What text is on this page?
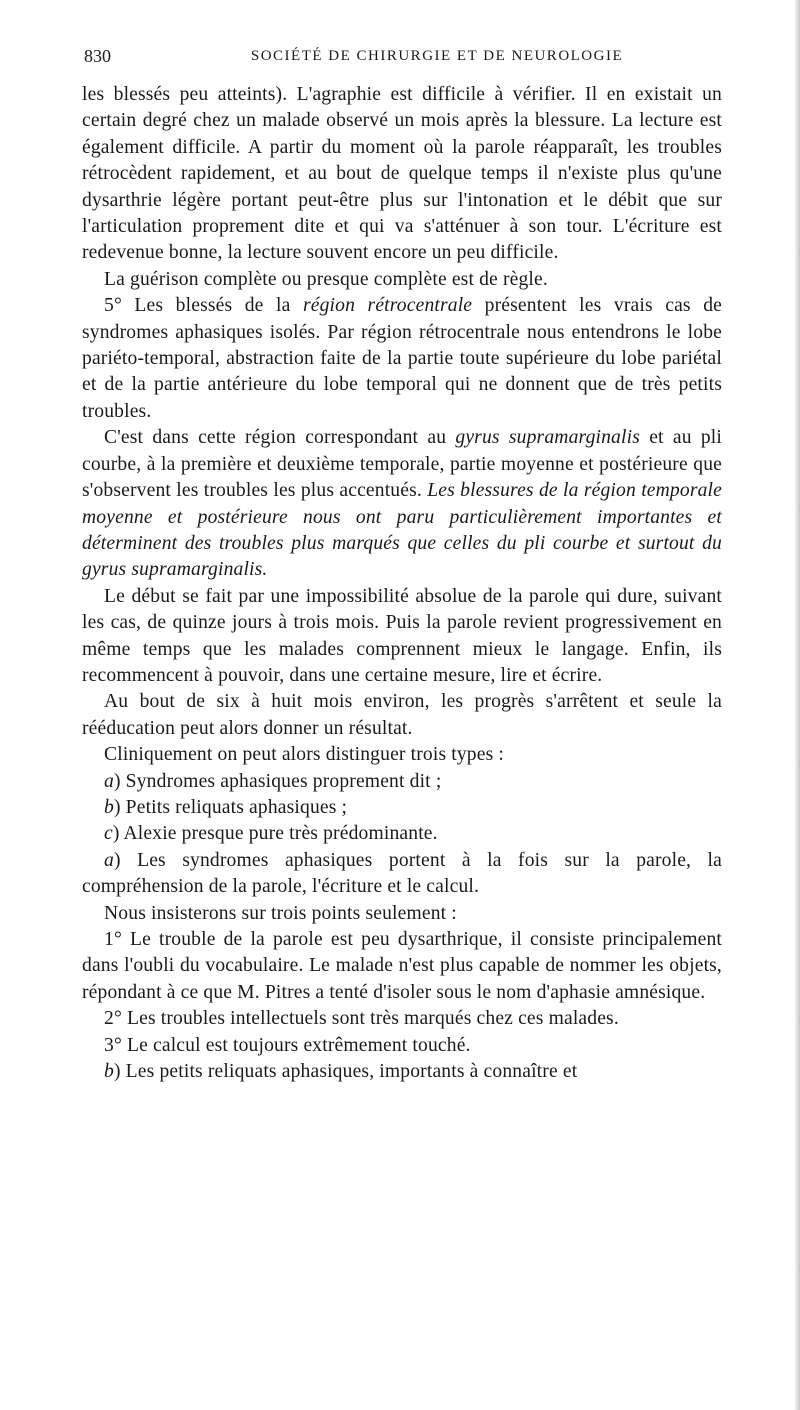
830	SOCIÉTÉ DE CHIRURGIE ET DE NEUROLOGIE

les blessés peu atteints). L'agraphie est difficile à vérifier. Il en existait un certain degré chez un malade observé un mois après la blessure. La lecture est également difficile. A partir du moment où la parole réapparaît, les troubles rétrocèdent rapidement, et au bout de quelque temps il n'existe plus qu'une dysarthrie légère portant peut-être plus sur l'intonation et le débit que sur l'articulation proprement dite et qui va s'atténuer à son tour. L'écriture est redevenue bonne, la lecture souvent encore un peu difficile.

La guérison complète ou presque complète est de règle.

5° Les blessés de la région rétrocentrale présentent les vrais cas de syndromes aphasiques isolés. Par région rétrocentrale nous entendrons le lobe pariéto-temporal, abstraction faite de la partie toute supérieure du lobe pariétal et de la partie antérieure du lobe temporal qui ne donnent que de très petits troubles.

C'est dans cette région correspondant au gyrus supramarginalis et au pli courbe, à la première et deuxième temporale, partie moyenne et postérieure que s'observent les troubles les plus accentués. Les blessures de la région temporale moyenne et postérieure nous ont paru particulièrement importantes et déterminent des troubles plus marqués que celles du pli courbe et surtout du gyrus supramarginalis.

Le début se fait par une impossibilité absolue de la parole qui dure, suivant les cas, de quinze jours à trois mois. Puis la parole revient progressivement en même temps que les malades comprennent mieux le langage. Enfin, ils recommencent à pouvoir, dans une certaine mesure, lire et écrire.

Au bout de six à huit mois environ, les progrès s'arrêtent et seule la rééducation peut alors donner un résultat.

Cliniquement on peut alors distinguer trois types :

a) Syndromes aphasiques proprement dit ;

b) Petits reliquats aphasiques ;

c) Alexie presque pure très prédominante.

a) Les syndromes aphasiques portent à la fois sur la parole, la compréhension de la parole, l'écriture et le calcul.

Nous insisterons sur trois points seulement :

1° Le trouble de la parole est peu dysarthrique, il consiste principalement dans l'oubli du vocabulaire. Le malade n'est plus capable de nommer les objets, répondant à ce que M. Pitres a tenté d'isoler sous le nom d'aphasie amnésique.

2° Les troubles intellectuels sont très marqués chez ces malades.

3° Le calcul est toujours extrêmement touché.

b) Les petits reliquats aphasiques, importants à connaître et
